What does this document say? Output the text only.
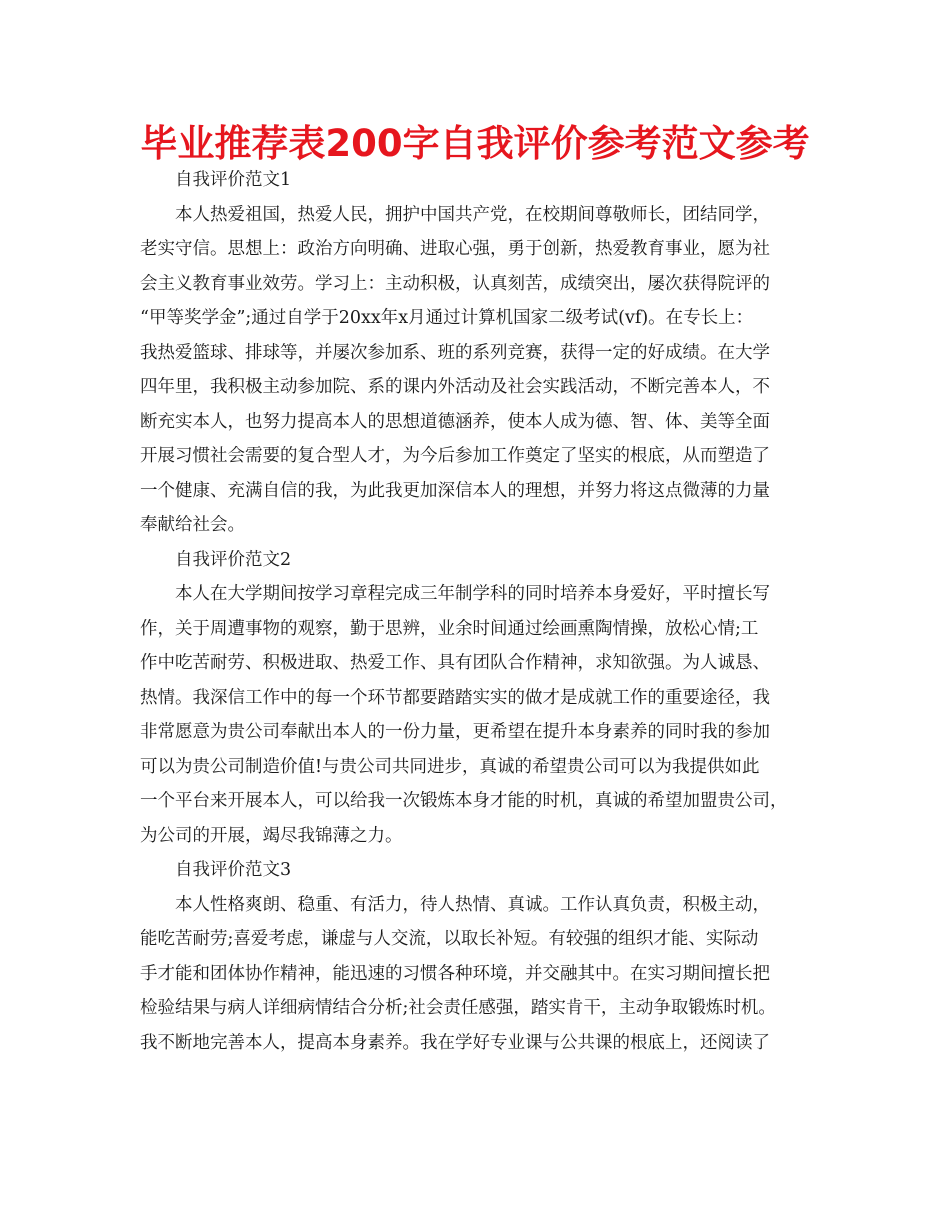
毕业推荐表200字自我评价参考范文参考
自我评价范文1
本人热爱祖国，热爱人民，拥护中国共产党，在校期间尊敬师长，团结同学，
老实守信。思想上：政治方向明确、进取心强，勇于创新，热爱教育事业，愿为社
会主义教育事业效劳。学习上：主动积极，认真刻苦，成绩突出，屡次获得院评的
“甲等奖学金”;通过自学于20xx年x月通过计算机国家二级考试(vf)。在专长上：
我热爱篮球、排球等，并屡次参加系、班的系列竞赛，获得一定的好成绩。在大学
四年里，我积极主动参加院、系的课内外活动及社会实践活动，不断完善本人，不
断充实本人，也努力提高本人的思想道德涵养，使本人成为德、智、体、美等全面
开展习惯社会需要的复合型人才，为今后参加工作奠定了坚实的根底，从而塑造了
一个健康、充满自信的我，为此我更加深信本人的理想，并努力将这点微薄的力量
奉献给社会。
自我评价范文2
本人在大学期间按学习章程完成三年制学科的同时培养本身爱好，平时擅长写
作，关于周遭事物的观察，勤于思辨，业余时间通过绘画熏陶情操，放松心情;工
作中吃苦耐劳、积极进取、热爱工作、具有团队合作精神，求知欲强。为人诚恳、
热情。我深信工作中的每一个环节都要踏踏实实的做才是成就工作的重要途径，我
非常愿意为贵公司奉献出本人的一份力量，更希望在提升本身素养的同时我的参加
可以为贵公司制造价值!与贵公司共同进步，真诚的希望贵公司可以为我提供如此
一个平台来开展本人，可以给我一次锻炼本身才能的时机，真诚的希望加盟贵公司，
为公司的开展，竭尽我锦薄之力。
自我评价范文3
本人性格爽朗、稳重、有活力，待人热情、真诚。工作认真负责，积极主动，
能吃苦耐劳;喜爱考虑，谦虚与人交流，以取长补短。有较强的组织才能、实际动
手才能和团体协作精神，能迅速的习惯各种环境，并交融其中。在实习期间擅长把
检验结果与病人详细病情结合分析;社会责任感强，踏实肯干，主动争取锻炼时机。
我不断地完善本人，提高本身素养。我在学好专业课与公共课的根底上，还阅读了
